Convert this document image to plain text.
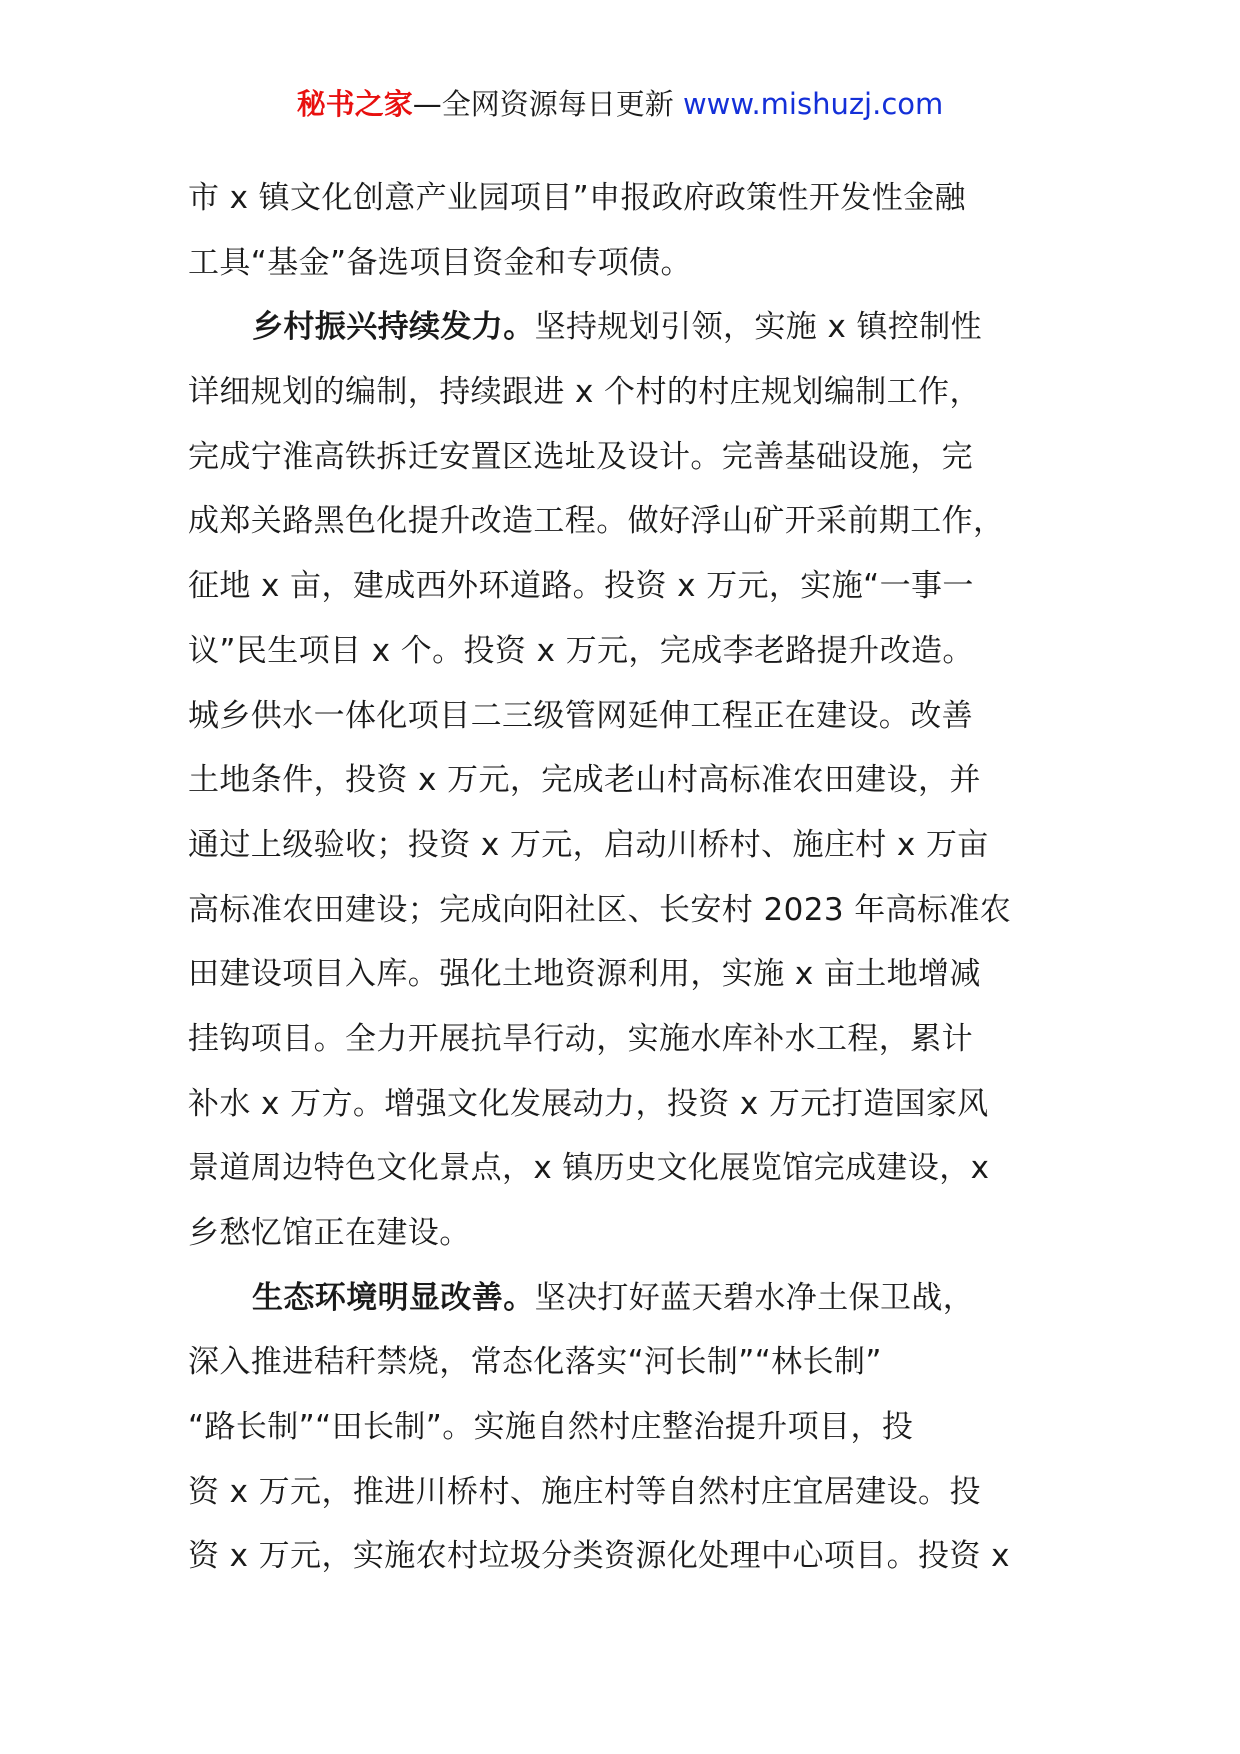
秘书之家—全网资源每日更新 www.mishuzj.com
市 x 镇文化创意产业园项目”申报政府政策性开发性金融
工具“基金”备选项目资金和专项债。
乡村振兴持续发力。坚持规划引领，实施 x 镇控制性
详细规划的编制，持续跟进 x 个村的村庄规划编制工作，
完成宁淮高铁拆迁安置区选址及设计。完善基础设施，完
成郑关路黑色化提升改造工程。做好浮山矿开采前期工作，
征地 x 亩，建成西外环道路。投资 x 万元，实施“一事一
议”民生项目 x 个。投资 x 万元，完成李老路提升改造。
城乡供水一体化项目二三级管网延伸工程正在建设。改善
土地条件，投资 x 万元，完成老山村高标准农田建设，并
通过上级验收；投资 x 万元，启动川桥村、施庄村 x 万亩
高标准农田建设；完成向阳社区、长安村 2023 年高标准农
田建设项目入库。强化土地资源利用，实施 x 亩土地增减
挂钩项目。全力开展抗旱行动，实施水库补水工程，累计
补水 x 万方。增强文化发展动力，投资 x 万元打造国家风
景道周边特色文化景点，x 镇历史文化展览馆完成建设，x
乡愁忆馆正在建设。
生态环境明显改善。坚决打好蓝天碧水净土保卫战，
深入推进秸秆禁烧，常态化落实“河长制”“林长制”
“路长制”“田长制”。实施自然村庄整治提升项目，投
资 x 万元，推进川桥村、施庄村等自然村庄宜居建设。投
资 x 万元，实施农村垃圾分类资源化处理中心项目。投资 x
